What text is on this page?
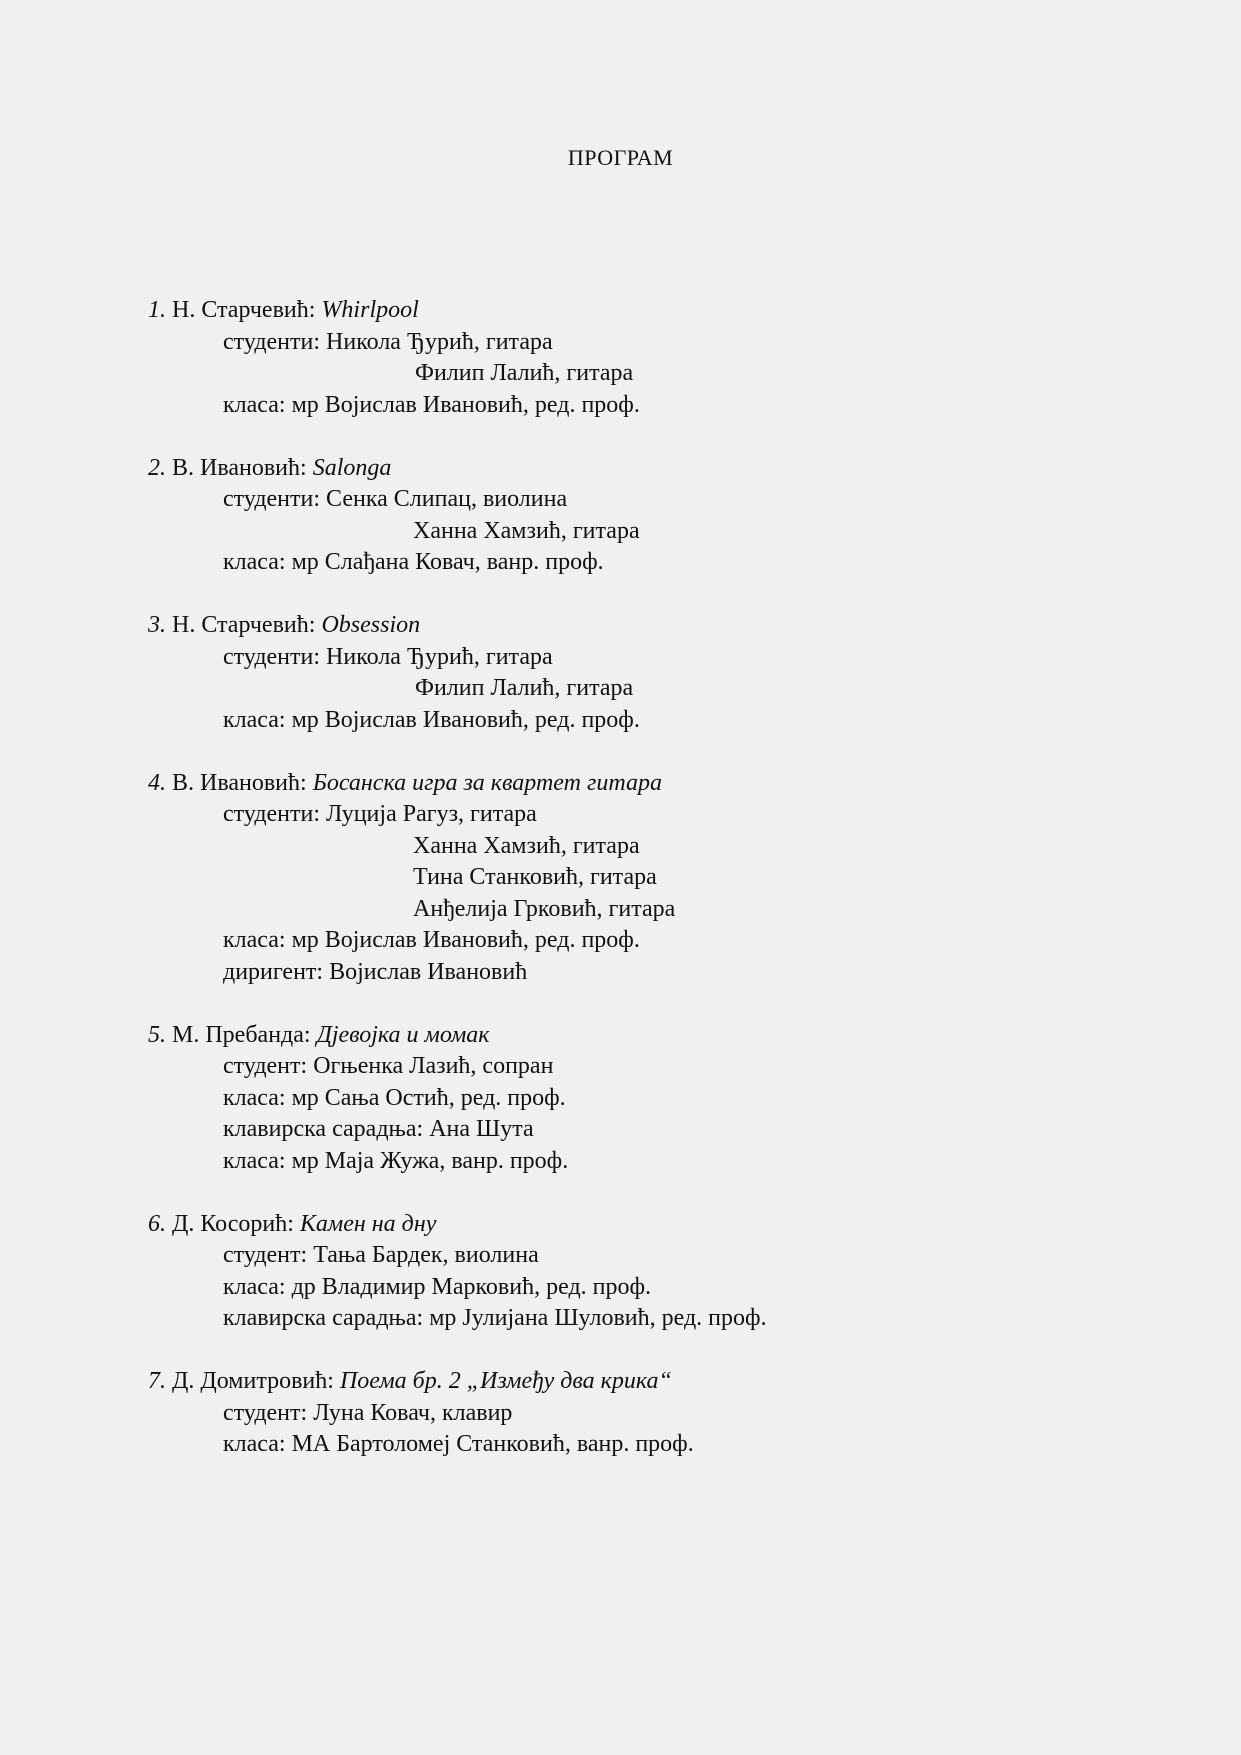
ПРОГРАМ
1. Н. Старчевић: Whirlpool
студенти: Никола Ђурић, гитара
Филип Лалић, гитара
класа: мр Војислав Ивановић, ред. проф.
2. В. Ивановић: Salonga
студенти: Сенка Слипац, виолина
Ханна Хамзић, гитара
класа: мр Слађана Ковач, ванр. проф.
3. Н. Старчевић: Obsession
студенти: Никола Ђурић, гитара
Филип Лалић, гитара
класа: мр Војислав Ивановић, ред. проф.
4. В. Ивановић: Босанска игра за квартет гитара
студенти: Луција Рагуз, гитара
Ханна Хамзић, гитара
Тина Станковић, гитара
Анђелија Грковић, гитара
класа: мр Војислав Ивановић, ред. проф.
диригент: Војислав Ивановић
5. М. Пребанда: Дјевојка и момак
студент: Огњенка Лазић, сопран
класа: мр Сања Остић, ред. проф.
клавирска сарадња: Ана Шута
класа: мр Маја Жужа, ванр. проф.
6. Д. Косорић: Камен на дну
студент: Тања Бардек, виолина
класа: др Владимир Марковић, ред. проф.
клавирска сарадња: мр Јулијана Шуловић, ред. проф.
7. Д. Домитровић: Поема бр. 2 „Између два крика“
студент: Луна Ковач, клавир
класа: МА Бартоломеј Станковић, ванр. проф.
